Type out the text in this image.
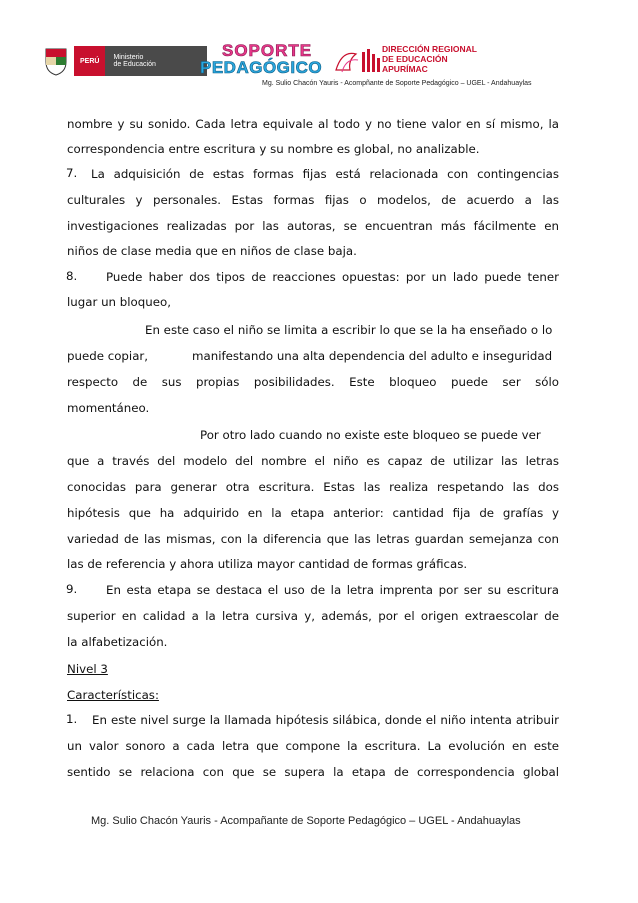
PERÚ	Ministerio
de Educación
SOPORTE
PEDAGÓGICO
DIRECCIÓN REGIONAL
DE EDUCACIÓN
APURÍMAC
Mg. Sulio Chacón Yauris - Acompñante de Soporte Pedagógico – UGEL - Andahuaylas
nombre y su sonido. Cada letra equivale al todo y no tiene valor en sí mismo, la
correspondencia entre escritura y su nombre es global, no analizable.
7. La adquisición de estas formas fijas está relacionada con contingencias
culturales y personales. Estas formas fijas o modelos, de acuerdo a las
investigaciones realizadas por las autoras, se encuentran más fácilmente en
niños de clase media que en niños de clase baja.
8. Puede haber dos tipos de reacciones opuestas: por un lado puede tener
lugar un bloqueo,
En este caso el niño se limita a escribir lo que se la ha enseñado o lo
puede copiar,	manifestando una alta dependencia del adulto e inseguridad
respecto de sus propias posibilidades. Este bloqueo puede ser sólo
momentáneo.
Por otro lado cuando no existe este bloqueo se puede ver
que a través del modelo del nombre el niño es capaz de utilizar las letras
conocidas para generar otra escritura. Estas las realiza respetando las dos
hipótesis que ha adquirido en la etapa anterior: cantidad fija de grafías y
variedad de las mismas, con la diferencia que las letras guardan semejanza con
las de referencia y ahora utiliza mayor cantidad de formas gráficas.
9. En esta etapa se destaca el uso de la letra imprenta por ser su escritura
superior en calidad a la letra cursiva y, además, por el origen extraescolar de
la alfabetización.
Nivel 3
Características:
1. En este nivel surge la llamada hipótesis silábica, donde el niño intenta atribuir
un valor sonoro a cada letra que compone la escritura. La evolución en este
sentido se relaciona con que se supera la etapa de correspondencia global
Mg. Sulio Chacón Yauris - Acompañante de Soporte Pedagógico – UGEL - Andahuaylas
